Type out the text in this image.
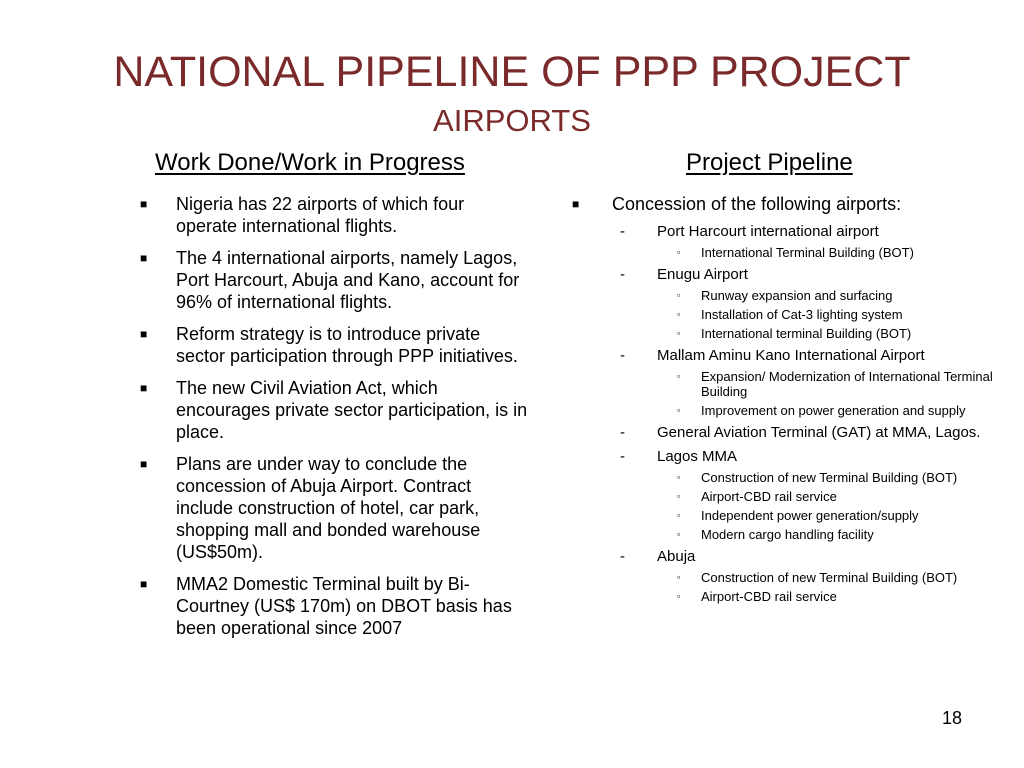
NATIONAL PIPELINE OF PPP PROJECT
AIRPORTS
Work Done/Work in Progress	Project Pipeline
■ Nigeria has 22 airports of which four operate international flights.
■ The 4 international airports, namely Lagos, Port Harcourt, Abuja and Kano, account for 96% of international flights.
■ Reform strategy is to introduce private sector participation through PPP initiatives.
■ The new Civil Aviation Act, which encourages private sector participation, is in place.
■ Plans are under way to conclude the concession of Abuja Airport. Contract include construction of hotel, car park, shopping mall and bonded warehouse (US$50m).
■ MMA2 Domestic Terminal built by Bi-Courtney (US$ 170m) on DBOT basis has been operational since 2007
■ Concession of the following airports:
- Port Harcourt international airport
▫ International Terminal Building (BOT)
- Enugu Airport
▫ Runway expansion and surfacing
▫ Installation of Cat-3 lighting system
▫ International terminal Building (BOT)
- Mallam Aminu Kano International Airport
▫ Expansion/ Modernization of International Terminal Building
▫ Improvement on power generation and supply
- General Aviation Terminal (GAT) at MMA, Lagos.
- Lagos MMA
▫ Construction of new Terminal Building (BOT)
▫ Airport-CBD rail service
▫ Independent power generation/supply
▫ Modern cargo handling facility
- Abuja
▫ Construction of new Terminal Building (BOT)
▫ Airport-CBD rail service
18
